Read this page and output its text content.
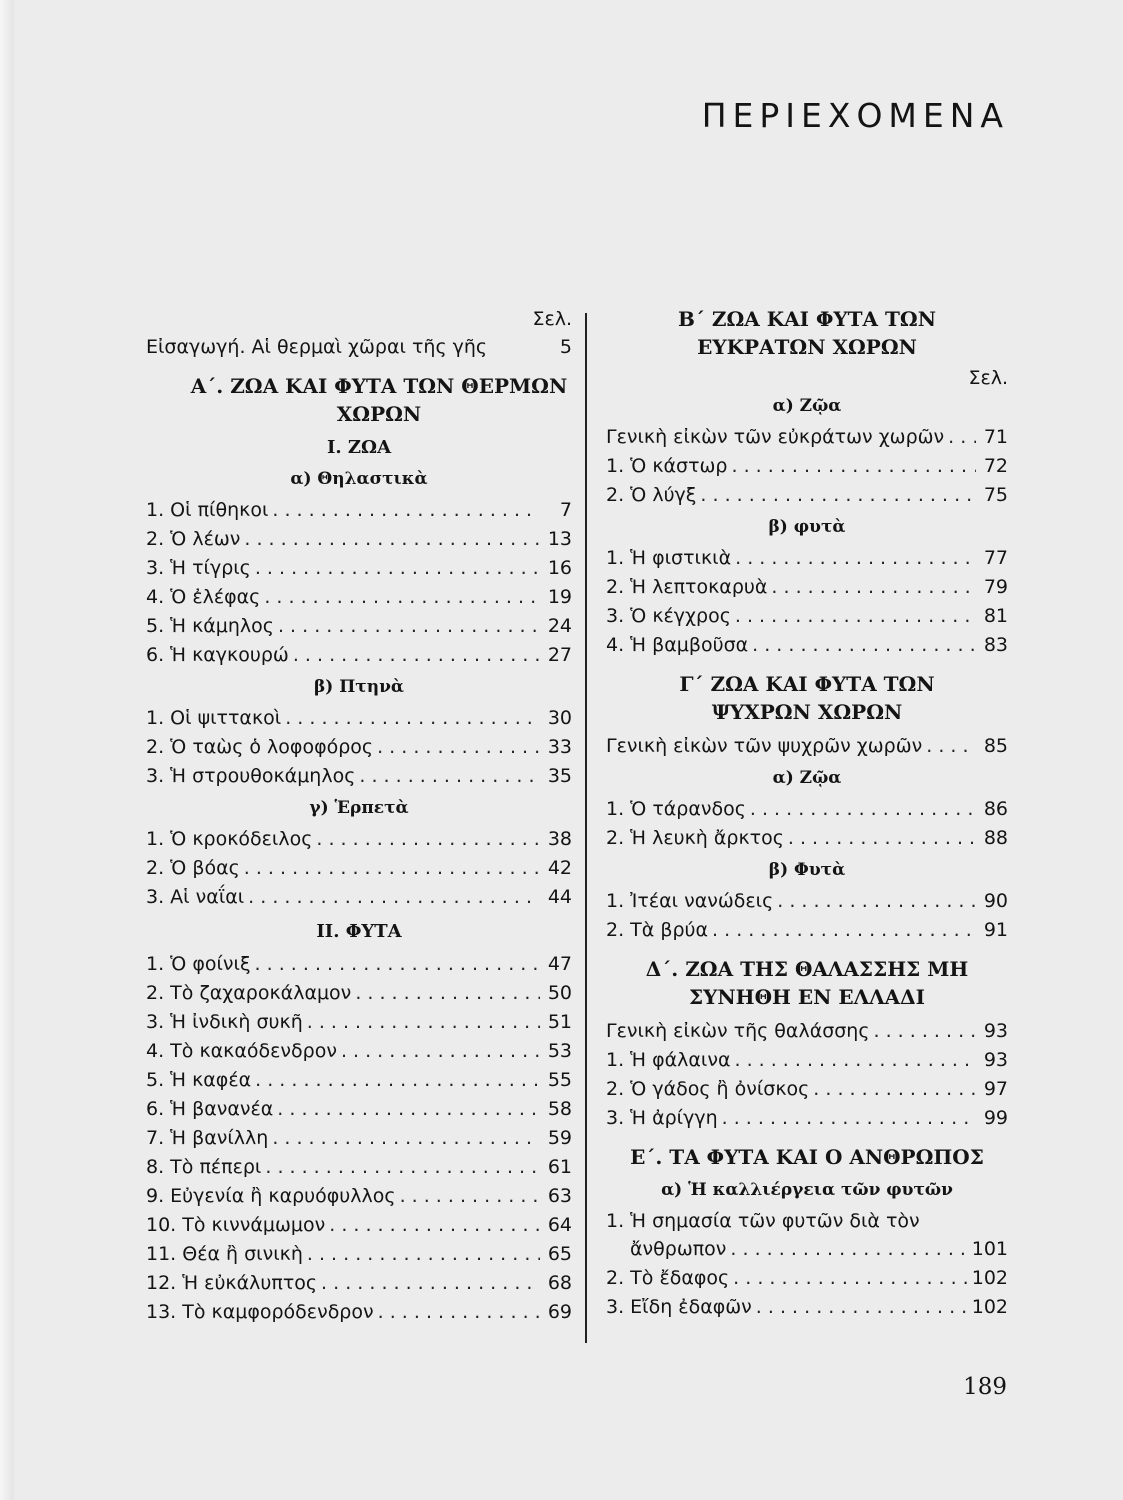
ΠΕΡΙΕΧΟΜΕΝΑ
Σελ.
Εἰσαγωγή. Αἱ θερμαὶ χῶραι τῆς γῆς	5
Α΄. ΖΩΑ ΚΑΙ ΦΥΤΑ ΤΩΝ ΘΕΡΜΩΝ ΧΩΡΩΝ
Ι. ΖΩΑ
α) Θηλαστικὰ
1. Οἱ πίθηκοι . . .	7
2. Ὁ λέων . . .	13
3. Ἡ τίγρις . . .	16
4. Ὁ ἐλέφας . . .	19
5. Ἡ κάμηλος . . .	24
6. Ἡ καγκουρώ . . .	27
β) Πτηνὰ
1. Οἱ ψιττακοὶ . . .	30
2. Ὁ ταὼς ὁ λοφοφόρος . . .	33
3. Ἡ στρουθοκάμηλος . . .	35
γ) Ἑρπετὰ
1. Ὁ κροκόδειλος . . .	38
2. Ὁ βόας . . .	42
3. Αἱ ναΐαι . . .	44
ΙΙ. ΦΥΤΑ
1. Ὁ φοίνιξ . . .	47
2. Τὸ ζαχαροκάλαμον . . .	50
3. Ἡ ἰνδικὴ συκῆ . . .	51
4. Τὸ κακαόδενδρον . . .	53
5. Ἡ καφέα . . .	55
6. Ἡ βανανέα . . .	58
7. Ἡ βανίλλη . . .	59
8. Τὸ πέπερι . . .	61
9. Εὐγενία ἢ καρυόφυλλος . . .	63
10. Τὸ κιννάμωμον . . .	64
11. Θέα ἢ σινικὴ . . .	65
12. Ἡ εὐκάλυπτος . . .	68
13. Τὸ καμφορόδενδρον . . .	69
Β΄ ΖΩΑ ΚΑΙ ΦΥΤΑ ΤΩΝ ΕΥΚΡΑΤΩΝ ΧΩΡΩΝ
Σελ.
α) Ζῷα
Γενικὴ εἰκὼν τῶν εὐκράτων χωρῶν . . . 71
1. Ὁ κάστωρ . . .	72
2. Ὁ λύγξ . . .	75
β) φυτὰ
1. Ἡ φιστικιὰ . . .	77
2. Ἡ λεπτοκαρυὰ . . .	79
3. Ὁ κέγχρος . . .	81
4. Ἡ βαμβοῦσα . . .	83
Γ΄ ΖΩΑ ΚΑΙ ΦΥΤΑ ΤΩΝ ΨΥΧΡΩΝ ΧΩΡΩΝ
Γενικὴ εἰκὼν τῶν ψυχρῶν χωρῶν . . .	85
α) Ζῷα
1. Ὁ τάρανδος . . .	86
2. Ἡ λευκὴ ἄρκτος . . .	88
β) Φυτὰ
1. Ἰτέαι νανώδεις . . .	90
2. Τὰ βρύα . . .	91
Δ΄. ΖΩΑ ΤΗΣ ΘΑΛΑΣΣΗΣ ΜΗ ΣΥΝΗΘΗ ΕΝ ΕΛΛΑΔΙ
Γενικὴ εἰκὼν τῆς θαλάσσης . . .	93
1. Ἡ φάλαινα . . .	93
2. Ὁ γάδος ἢ ὀνίσκος . . .	97
3. Ἡ ἀρίγγη . . .	99
Ε΄. ΤΑ ΦΥΤΑ ΚΑΙ Ο ΑΝΘΡΩΠΟΣ
α) Ἡ καλλιέργεια τῶν φυτῶν
1. Ἡ σημασία τῶν φυτῶν διὰ τὸν
ἄνθρωπον . . .	101
2. Τὸ ἔδαφος . . .	102
3. Εἴδη ἐδαφῶν . . .	102
189
